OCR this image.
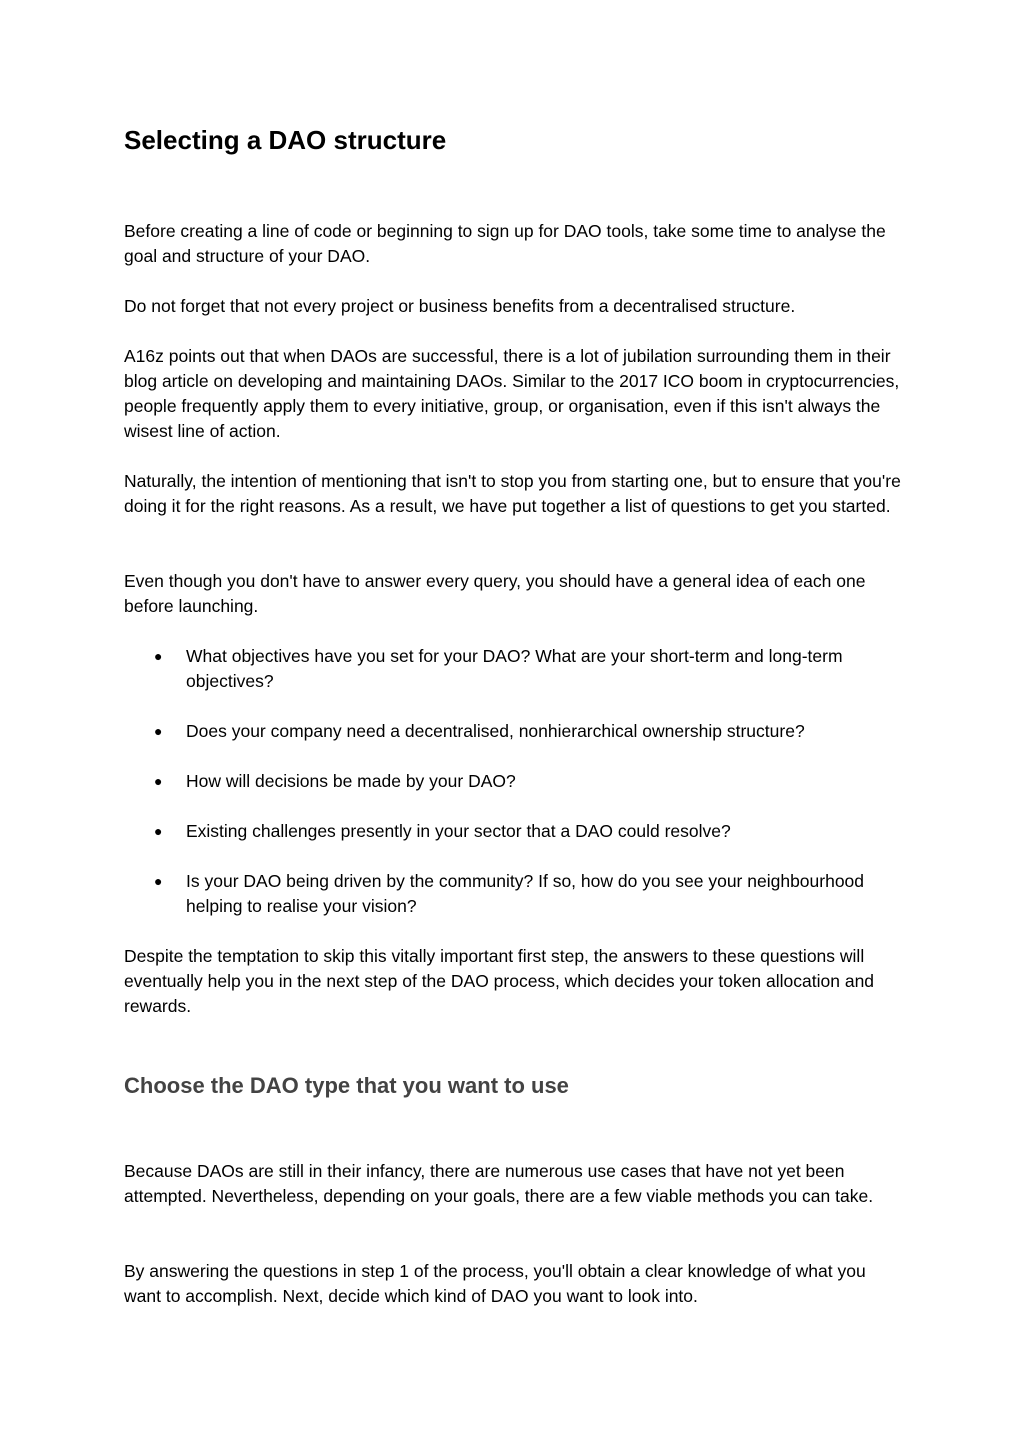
Selecting a DAO structure

Before creating a line of code or beginning to sign up for DAO tools, take some time to analyse the goal and structure of your DAO.

Do not forget that not every project or business benefits from a decentralised structure.

A16z points out that when DAOs are successful, there is a lot of jubilation surrounding them in their blog article on developing and maintaining DAOs. Similar to the 2017 ICO boom in cryptocurrencies, people frequently apply them to every initiative, group, or organisation, even if this isn't always the wisest line of action.

Naturally, the intention of mentioning that isn't to stop you from starting one, but to ensure that you're doing it for the right reasons. As a result, we have put together a list of questions to get you started.

Even though you don't have to answer every query, you should have a general idea of each one before launching.

● What objectives have you set for your DAO? What are your short-term and long-term objectives?
● Does your company need a decentralised, nonhierarchical ownership structure?
● How will decisions be made by your DAO?
● Existing challenges presently in your sector that a DAO could resolve?
● Is your DAO being driven by the community? If so, how do you see your neighbourhood helping to realise your vision?

Despite the temptation to skip this vitally important first step, the answers to these questions will eventually help you in the next step of the DAO process, which decides your token allocation and rewards.

Choose the DAO type that you want to use

Because DAOs are still in their infancy, there are numerous use cases that have not yet been attempted. Nevertheless, depending on your goals, there are a few viable methods you can take.

By answering the questions in step 1 of the process, you'll obtain a clear knowledge of what you want to accomplish. Next, decide which kind of DAO you want to look into.
